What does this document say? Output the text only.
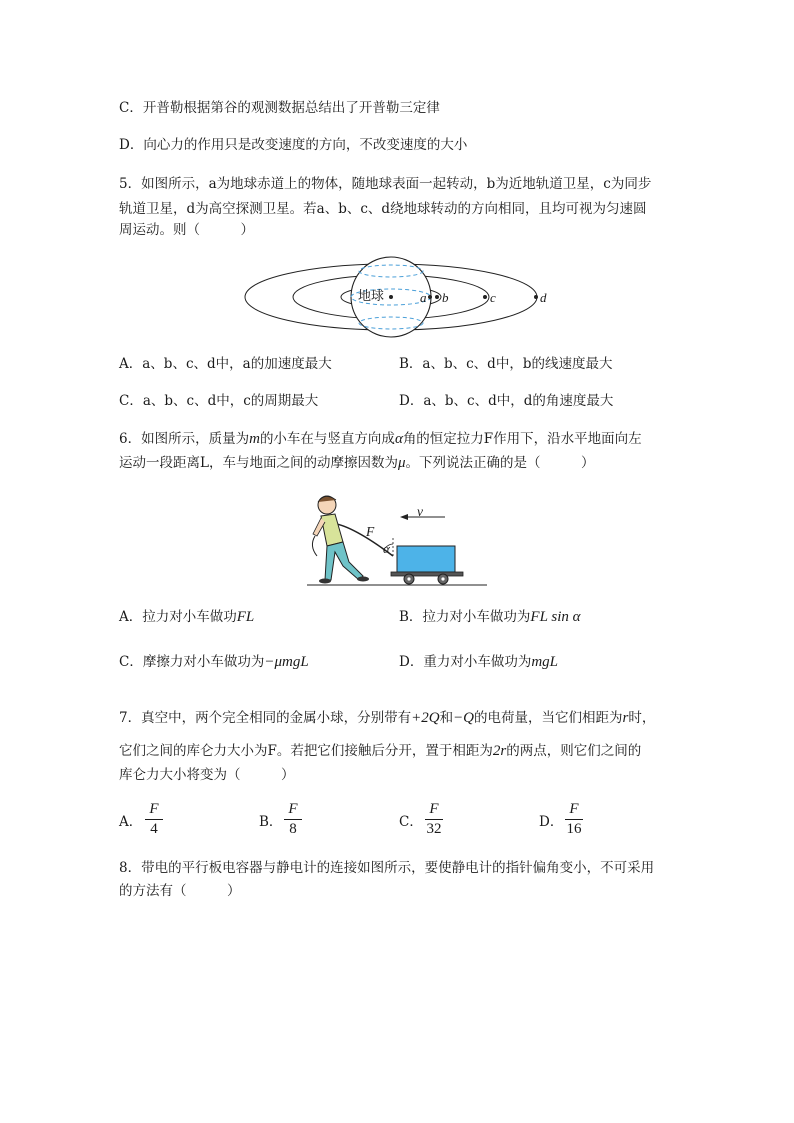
C．开普勒根据第谷的观测数据总结出了开普勒三定律
D．向心力的作用只是改变速度的方向，不改变速度的大小
5．如图所示，a为地球赤道上的物体，随地球表面一起转动，b为近地轨道卫星，c为同步
轨道卫星，d为高空探测卫星。若a、b、c、d绕地球转动的方向相同，且均可视为匀速圆
周运动。则（　　　）
地球	a b	c	d
A．a、b、c、d中，a的加速度最大	B．a、b、c、d中，b的线速度最大
C．a、b、c、d中，c的周期最大	D．a、b、c、d中，d的角速度最大
6．如图所示，质量为m的小车在与竖直方向成α角的恒定拉力F作用下，沿水平地面向左
运动一段距离L，车与地面之间的动摩擦因数为μ。下列说法正确的是（　　　）
F
v
α
A．拉力对小车做功FL	B．拉力对小车做功为FL sin α
C．摩擦力对小车做功为−μmgL	D．重力对小车做功为mgL
7．真空中，两个完全相同的金属小球，分别带有+2Q和−Q的电荷量，当它们相距为r时，
它们之间的库仑力大小为F。若把它们接触后分开，置于相距为2r的两点，则它们之间的
库仑力大小将变为（　　　）
A．
F
4	B．
F
8	C．
F
32	D．
F
16
8．带电的平行板电容器与静电计的连接如图所示，要使静电计的指针偏角变小，不可采用
的方法有（　　　）
